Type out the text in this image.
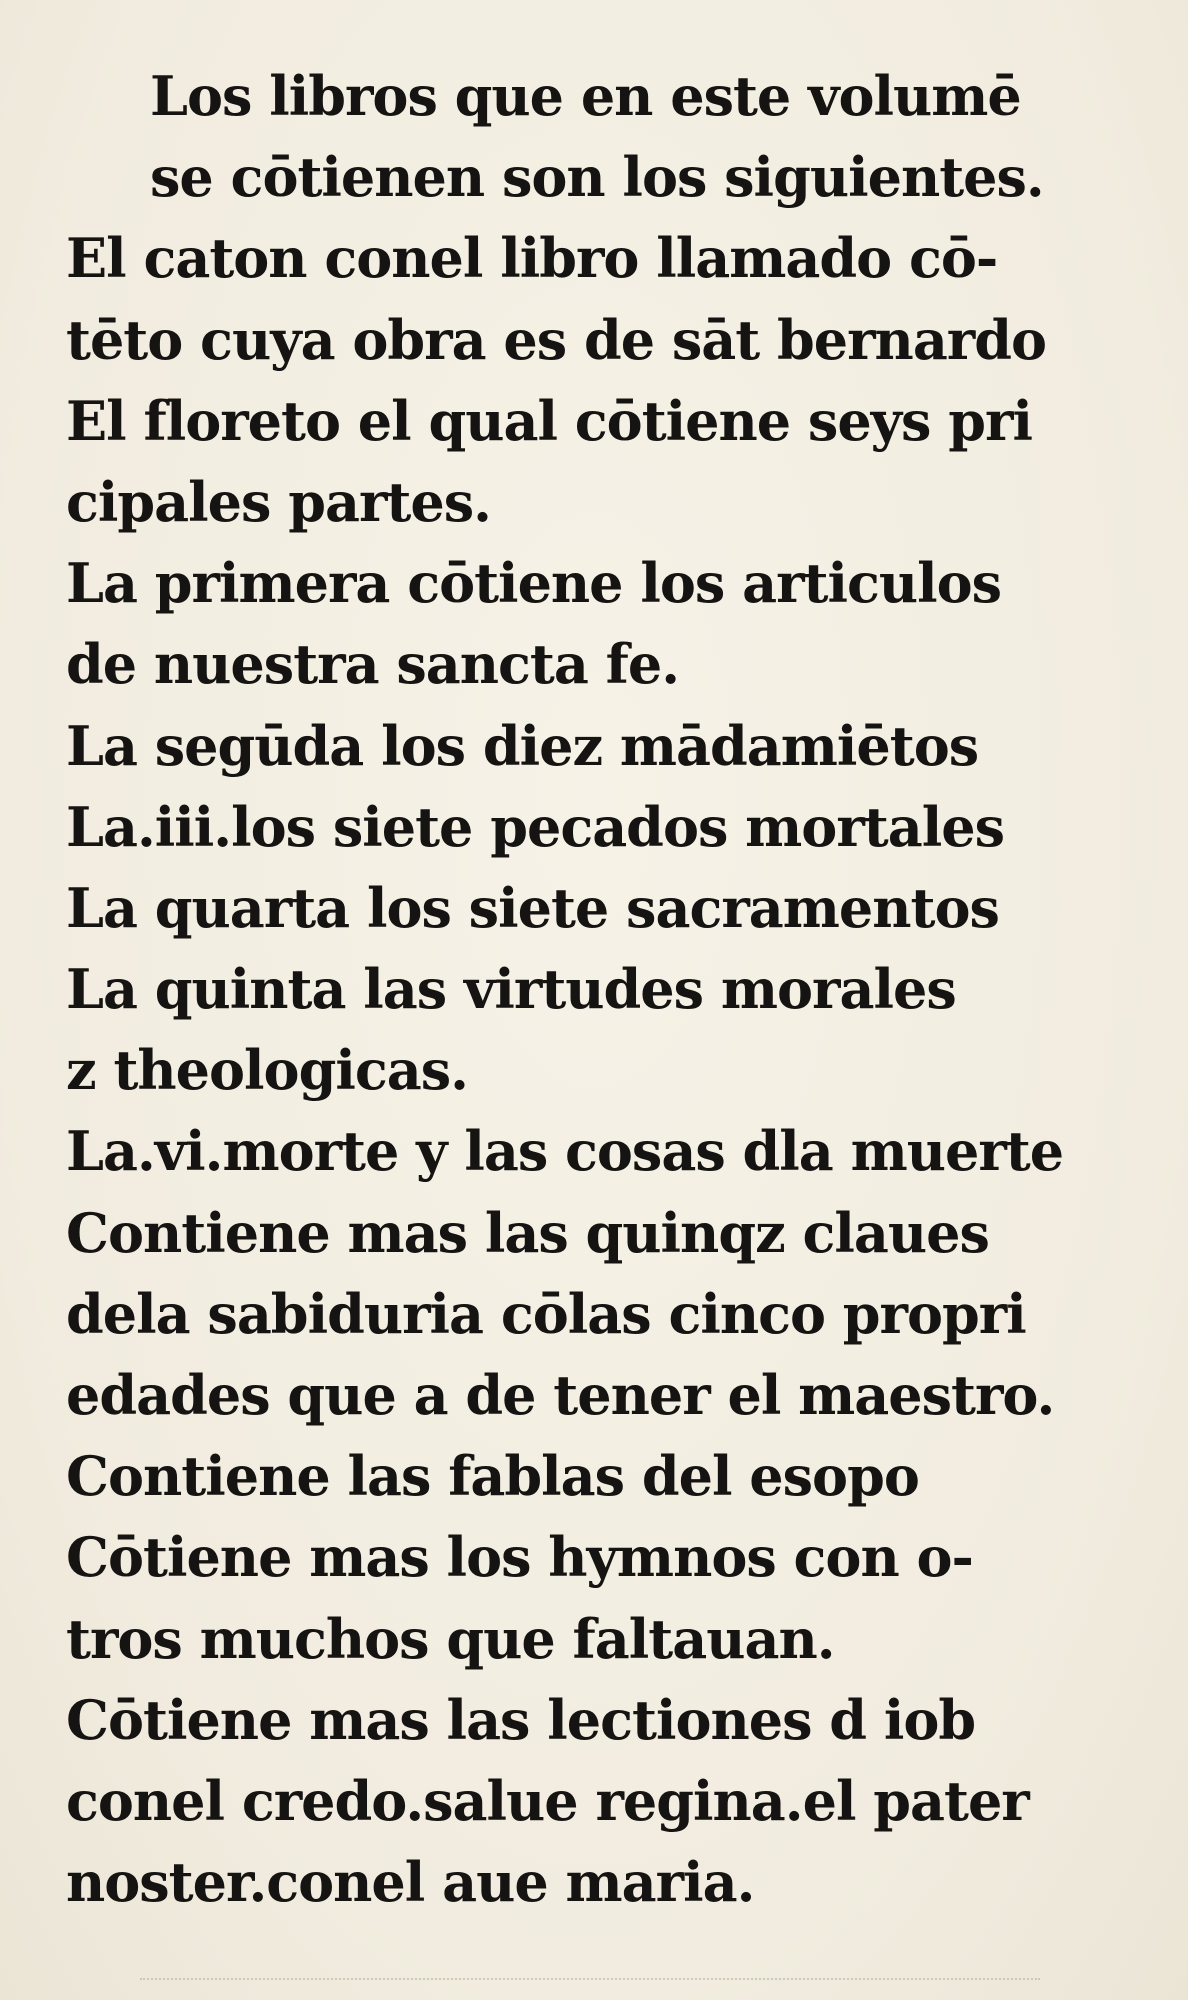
Los libros que en este volumē
se cōtienen son los siguientes.
El caton conel libro llamado cō-
tēto cuya obra es de sāt bernardo
El floreto el qual cōtiene seys pri
cipales partes.
La primera cōtiene los articulos
de nuestra sancta fe.
La segūda los diez mādamiētos
La.iii.los siete pecados mortales
La quarta los siete sacramentos
La quinta las virtudes morales
z theologicas.
La.vi.morte y las cosas dla muerte
Contiene mas las quinqz claues
dela sabiduria cōlas cinco propri
edades que a de tener el maestro.
Contiene las fablas del esopo
Cōtiene mas los hymnos con o-
tros muchos que faltauan.
Cōtiene mas las lectiones d iob
conel credo.salue regina.el pater
noster.conel aue maria.
